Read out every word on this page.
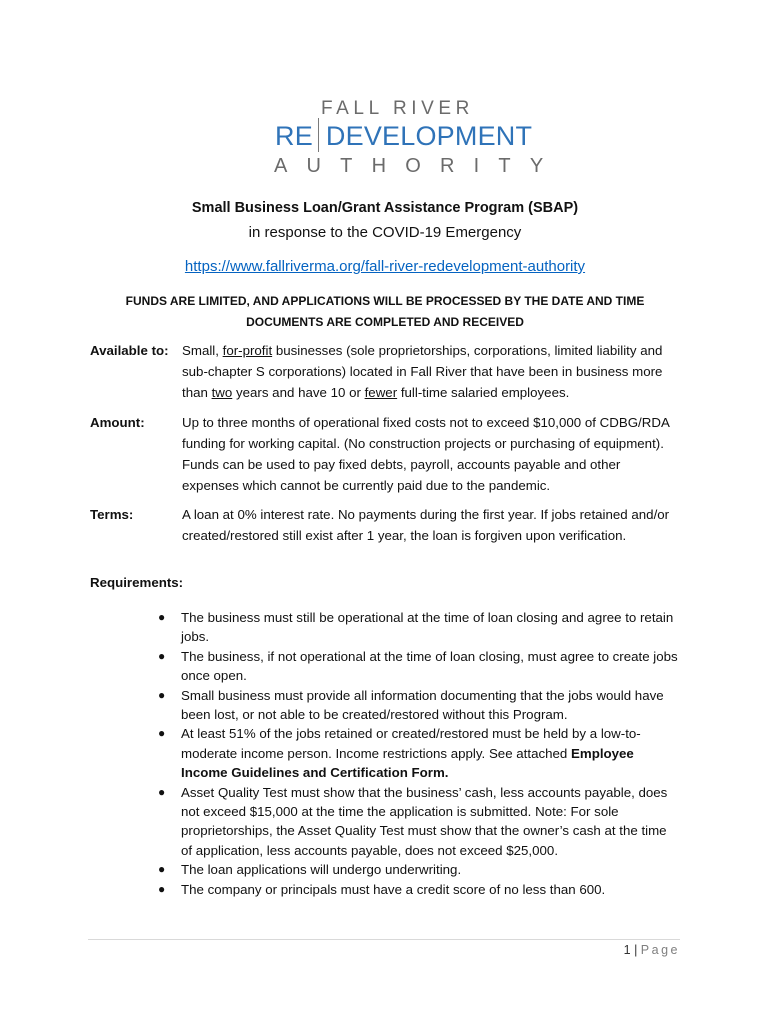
FALL RIVER
RE DEVELOPMENT
AUTHORITY
Small Business Loan/Grant Assistance Program (SBAP)
in response to the COVID-19 Emergency
https://www.fallriverma.org/fall-river-redevelopment-authority
FUNDS ARE LIMITED, AND APPLICATIONS WILL BE PROCESSED BY THE DATE AND TIME DOCUMENTS ARE COMPLETED AND RECEIVED
Available to: Small, for-profit businesses (sole proprietorships, corporations, limited liability and sub-chapter S corporations) located in Fall River that have been in business more than two years and have 10 or fewer full-time salaried employees.
Amount:	Up to three months of operational fixed costs not to exceed $10,000 of CDBG/RDA funding for working capital. (No construction projects or purchasing of equipment). Funds can be used to pay fixed debts, payroll, accounts payable and other expenses which cannot be currently paid due to the pandemic.
Terms:	A loan at 0% interest rate. No payments during the first year. If jobs retained and/or created/restored still exist after 1 year, the loan is forgiven upon verification.
Requirements:
● The business must still be operational at the time of loan closing and agree to retain jobs.
● The business, if not operational at the time of loan closing, must agree to create jobs once open.
● Small business must provide all information documenting that the jobs would have been lost, or not able to be created/restored without this Program.
● At least 51% of the jobs retained or created/restored must be held by a low-to-moderate income person. Income restrictions apply. See attached Employee Income Guidelines and Certification Form.
● Asset Quality Test must show that the business’ cash, less accounts payable, does not exceed $15,000 at the time the application is submitted. Note: For sole proprietorships, the Asset Quality Test must show that the owner’s cash at the time of application, less accounts payable, does not exceed $25,000.
● The loan applications will undergo underwriting.
● The company or principals must have a credit score of no less than 600.
1 | Page
